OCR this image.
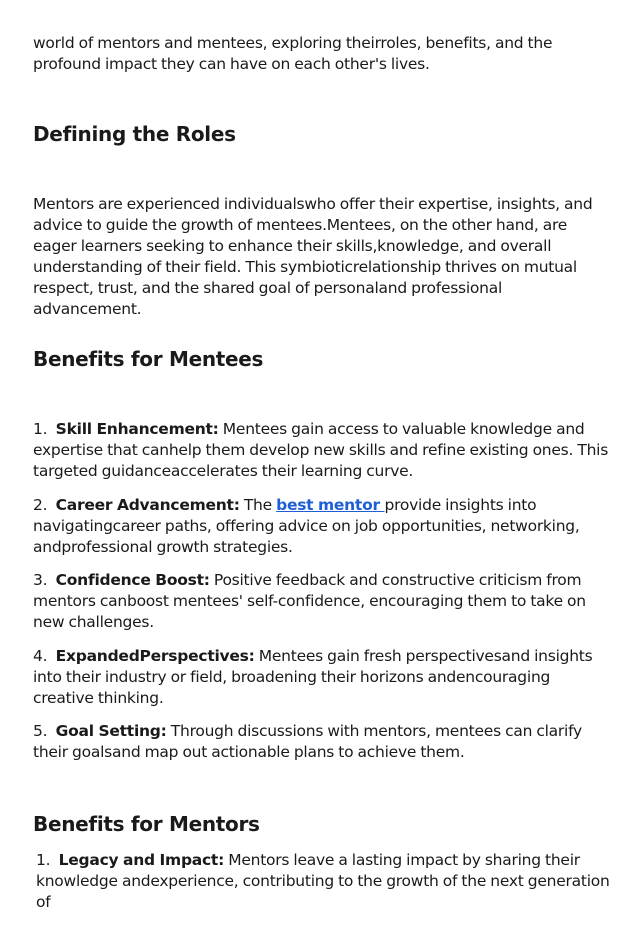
world of mentors and mentees, exploring theirroles, benefits, and the profound impact they can have on each other's lives.

Defining the Roles

Mentors are experienced individualswho offer their expertise, insights, and advice to guide the growth of mentees.Mentees, on the other hand, are eager learners seeking to enhance their skills,knowledge, and overall understanding of their field. This symbioticrelationship thrives on mutual respect, trust, and the shared goal of personaland professional advancement.

Benefits for Mentees

1. Skill Enhancement: Mentees gain access to valuable knowledge and expertise that canhelp them develop new skills and refine existing ones. This targeted guidanceaccelerates their learning curve.

2. Career Advancement: The best mentor provide insights into navigatingcareer paths, offering advice on job opportunities, networking, andprofessional growth strategies.

3. Confidence Boost: Positive feedback and constructive criticism from mentors canboost mentees' self-confidence, encouraging them to take on new challenges.

4. ExpandedPerspectives: Mentees gain fresh perspectivesand insights into their industry or field, broadening their horizons andencouraging creative thinking.

5. Goal Setting: Through discussions with mentors, mentees can clarify their goalsand map out actionable plans to achieve them.

Benefits for Mentors

1. Legacy and Impact: Mentors leave a lasting impact by sharing their knowledge andexperience, contributing to the growth of the next generation of
